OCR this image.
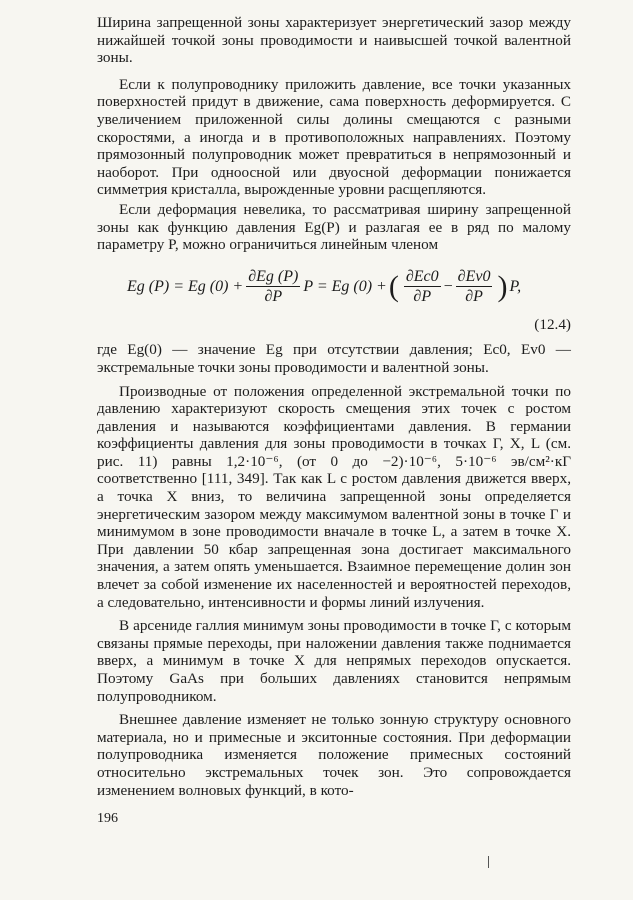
Ширина запрещенной зоны характеризует энергетический зазор между нижайшей точкой зоны проводимости и наивысшей точкой валентной зоны.

Если к полупроводнику приложить давление, все точки указанных поверхностей придут в движение, сама поверхность деформируется. С увеличением приложенной силы долины смещаются с разными скоростями, а иногда и в противоположных направлениях. Поэтому прямозонный полупроводник может превратиться в непрямозонный и наоборот. При одноосной или двуосной деформации понижается симметрия кристалла, вырожденные уровни расщепляются.

Если деформация невелика, то рассматривая ширину запрещенной зоны как функцию давления Eg(P) и разлагая ее в ряд по малому параметру P, можно ограничиться линейным членом

Eg (P) = Eg $(0) + \frac{\partial Eg (P)}{\partial P}$ P = Eg (0) + ( $\frac{\partial Ec0}{\partial P} - \frac{\partial Ev0}{\partial P}$ ) P,
(12.4)

где Eg(0) — значение Eg при отсутствии давления; Ec0, Ev0 — экстремальные точки зоны проводимости и валентной зоны.

Производные от положения определенной экстремальной точки по давлению характеризуют скорость смещения этих точек с ростом давления и называются коэффициентами давления. В германии коэффициенты давления для зоны проводимости в точках Γ, X, L (см. рис. 11) равны 1,2·10⁻⁶, (от 0 до −2)·10⁻⁶, 5·10⁻⁶ эв/см²·кГ соответственно [111, 349]. Так как L с ростом давления движется вверх, а точка X вниз, то величина запрещенной зоны определяется энергетическим зазором между максимумом валентной зоны в точке Γ и минимумом в зоне проводимости вначале в точке L, а затем в точке X. При давлении 50 кбар запрещенная зона достигает максимального значения, а затем опять уменьшается. Взаимное перемещение долин зон влечет за собой изменение их населенностей и вероятностей переходов, а следовательно, интенсивности и формы линий излучения.

В арсениде галлия минимум зоны проводимости в точке Γ, с которым связаны прямые переходы, при наложении давления также поднимается вверх, а минимум в точке X для непрямых переходов опускается. Поэтому GaAs при больших давлениях становится непрямым полупроводником.

Внешнее давление изменяет не только зонную структуру основного материала, но и примесные и экситонные состояния. При деформации полупроводника изменяется положение примесных состояний относительно экстремальных точек зон. Это сопровождается изменением волновых функций, в кото-

196
